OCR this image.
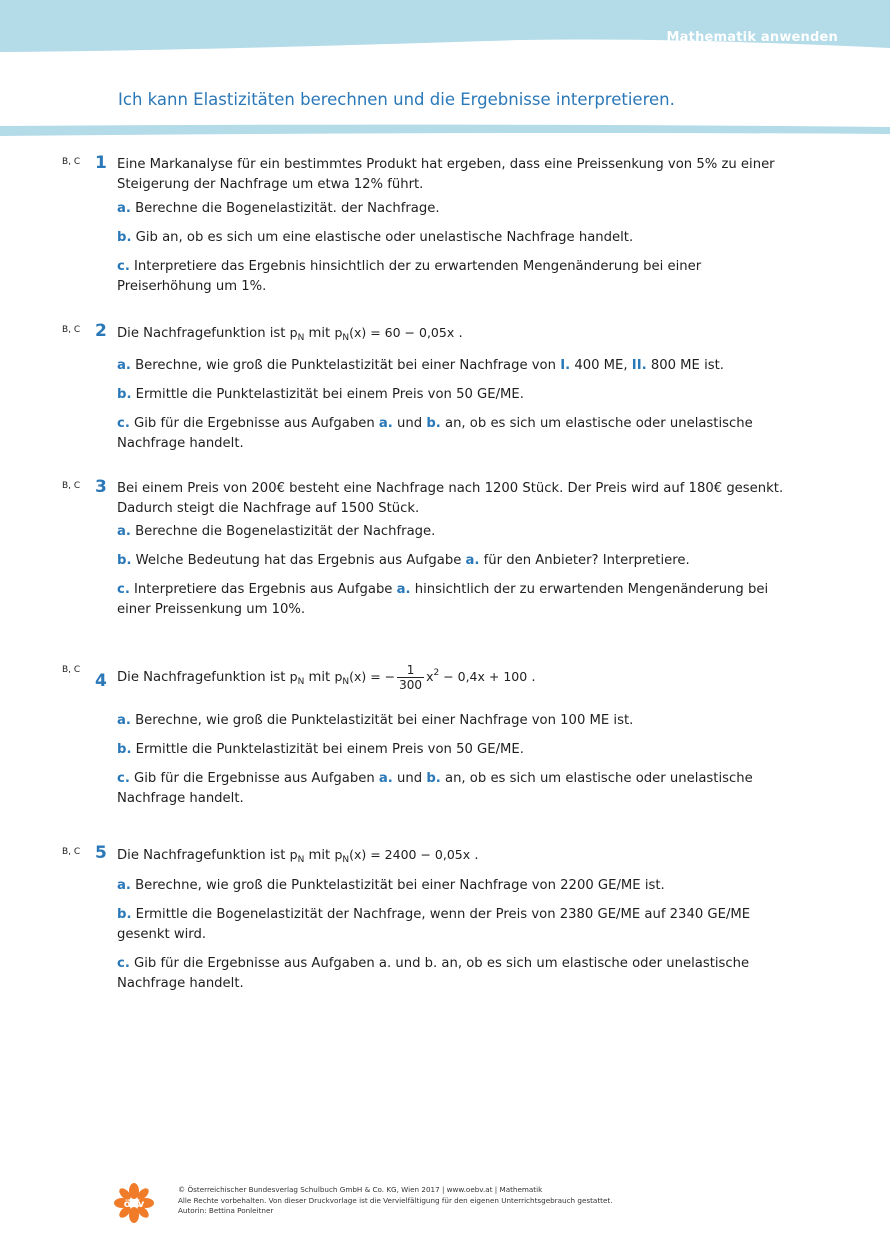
Mathematik anwenden
Ich kann Elastizitäten berechnen und die Ergebnisse interpretieren.
B, C 1 Eine Markanalyse für ein bestimmtes Produkt hat ergeben, dass eine Preissenkung von 5% zu einer Steigerung der Nachfrage um etwa 12% führt.
a. Berechne die Bogenelastizität. der Nachfrage.
b. Gib an, ob es sich um eine elastische oder unelastische Nachfrage handelt.
c. Interpretiere das Ergebnis hinsichtlich der zu erwartenden Mengenänderung bei einer Preiserhöhung um 1%.
B, C 2 Die Nachfragefunktion ist $p_N$ mit $p_N(x) = 60 - 0,05x$ .
a. Berechne, wie groß die Punktelastizität bei einer Nachfrage von I. 400 ME, II. 800 ME ist.
b. Ermittle die Punktelastizität bei einem Preis von 50 GE/ME.
c. Gib für die Ergebnisse aus Aufgaben a. und b. an, ob es sich um elastische oder unelastische Nachfrage handelt.
B, C 3 Bei einem Preis von 200€ besteht eine Nachfrage nach 1200 Stück. Der Preis wird auf 180€ gesenkt. Dadurch steigt die Nachfrage auf 1500 Stück.
a. Berechne die Bogenelastizität der Nachfrage.
b. Welche Bedeutung hat das Ergebnis aus Aufgabe a. für den Anbieter? Interpretiere.
c. Interpretiere das Ergebnis aus Aufgabe a. hinsichtlich der zu erwartenden Mengenänderung bei einer Preissenkung um 10%.
B, C
4 Die Nachfragefunktion ist $p_N$ mit $p_N(x)$ = − $\frac{1}{300} x^2 - 0,4x + 100$ .
a. Berechne, wie groß die Punktelastizität bei einer Nachfrage von 100 ME ist.
b. Ermittle die Punktelastizität bei einem Preis von 50 GE/ME.
c. Gib für die Ergebnisse aus Aufgaben a. und b. an, ob es sich um elastische oder unelastische Nachfrage handelt.
B, C 5 Die Nachfragefunktion ist $p_N$ mit $p_N(x) = 2400 - 0,05x$ .
a. Berechne, wie groß die Punktelastizität bei einer Nachfrage von 2200 GE/ME ist.
b. Ermittle die Bogenelastizität der Nachfrage, wenn der Preis von 2380 GE/ME auf 2340 GE/ME gesenkt wird.
c. Gib für die Ergebnisse aus Aufgaben a. und b. an, ob es sich um elastische oder unelastische Nachfrage handelt.
öbv
© Österreichischer Bundesverlag Schulbuch GmbH & Co. KG, Wien 2017 | www.oebv.at | Mathematik
Alle Rechte vorbehalten. Von dieser Druckvorlage ist die Vervielfältigung für den eigenen Unterrichtsgebrauch gestattet.
Autorin: Bettina Ponleitner
